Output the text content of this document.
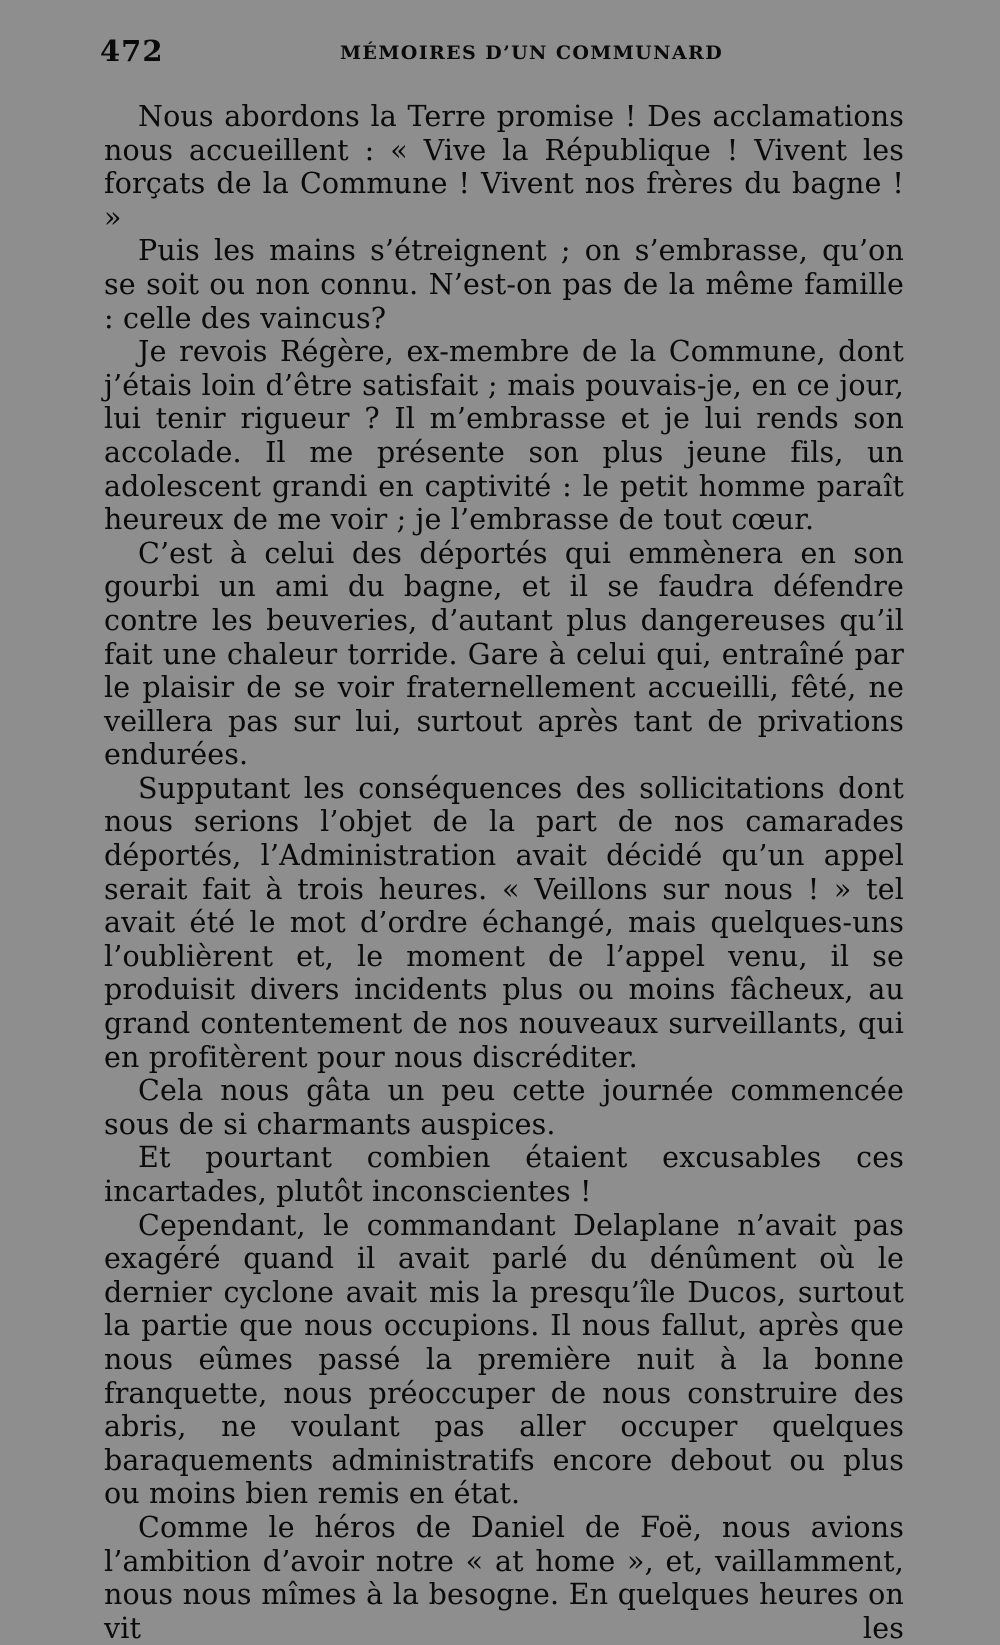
472	MÉMOIRES D’UN COMMUNARD

Nous abordons la Terre promise ! Des acclamations nous accueillent : « Vive la République ! Vivent les forçats de la Commune ! Vivent nos frères du bagne ! »

Puis les mains s’étreignent ; on s’embrasse, qu’on se soit ou non connu. N’est-on pas de la même famille : celle des vaincus?

Je revois Régère, ex-membre de la Commune, dont j’étais loin d’être satisfait ; mais pouvais-je, en ce jour, lui tenir rigueur ? Il m’embrasse et je lui rends son accolade. Il me présente son plus jeune fils, un adolescent grandi en captivité : le petit homme paraît heureux de me voir ; je l’embrasse de tout cœur.

C’est à celui des déportés qui emmènera en son gourbi un ami du bagne, et il se faudra défendre contre les beuveries, d’autant plus dangereuses qu’il fait une chaleur torride. Gare à celui qui, entraîné par le plaisir de se voir fraternellement accueilli, fêté, ne veillera pas sur lui, surtout après tant de privations endurées.

Supputant les conséquences des sollicitations dont nous serions l’objet de la part de nos camarades déportés, l’Administration avait décidé qu’un appel serait fait à trois heures. « Veillons sur nous ! » tel avait été le mot d’ordre échangé, mais quelques-uns l’oublièrent et, le moment de l’appel venu, il se produisit divers incidents plus ou moins fâcheux, au grand contentement de nos nouveaux surveillants, qui en profitèrent pour nous discréditer.

Cela nous gâta un peu cette journée commencée sous de si charmants auspices.

Et pourtant combien étaient excusables ces incartades, plutôt inconscientes !

Cependant, le commandant Delaplane n’avait pas exagéré quand il avait parlé du dénûment où le dernier cyclone avait mis la presqu’île Ducos, surtout la partie que nous occupions. Il nous fallut, après que nous eûmes passé la première nuit à la bonne franquette, nous préoccuper de nous construire des abris, ne voulant pas aller occuper quelques baraquements administratifs encore debout ou plus ou moins bien remis en état.

Comme le héros de Daniel de Foë, nous avions l’ambition d’avoir notre « at home », et, vaillamment, nous nous mîmes à la besogne. En quelques heures on vit les
